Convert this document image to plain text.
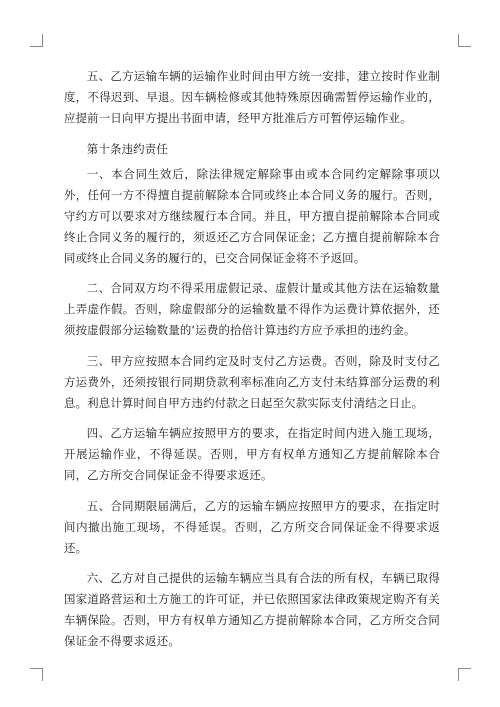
五、乙方运输车辆的运输作业时间由甲方统一安排，建立按时作业制度，不得迟到、早退。因车辆检修或其他特殊原因确需暂停运输作业的，应提前一日向甲方提出书面申请，经甲方批准后方可暂停运输作业。

第十条违约责任

一、本合同生效后，除法律规定解除事由或本合同约定解除事项以外，任何一方不得擅自提前解除本合同或终止本合同义务的履行。否则，守约方可以要求对方继续履行本合同。并且，甲方擅自提前解除本合同或终止合同义务的履行的，须返还乙方合同保证金；乙方擅自提前解除本合同或终止合同义务的履行的，已交合同保证金将不予返回。

二、合同双方均不得采用虚假记录、虚假计量或其他方法在运输数量上弄虚作假。否则，除虚假部分的运输数量不得作为运费计算依据外，还须按虚假部分运输数量的‘运费的拾倍计算违约方应予承担的违约金。

三、甲方应按照本合同约定及时支付乙方运费。否则，除及时支付乙方运费外，还须按银行同期贷款利率标准向乙方支付未结算部分运费的利息。利息计算时间自甲方违约付款之日起至欠款实际支付清结之日止。

四、乙方运输车辆应按照甲方的要求，在指定时间内进入施工现场，开展运输作业，不得延误。否则，甲方有权单方通知乙方提前解除本合同，乙方所交合同保证金不得要求返还。

五、合同期限届满后，乙方的运输车辆应按照甲方的要求，在指定时间内撤出施工现场，不得延误。否则，乙方所交合同保证金不得要求返还。

六、乙方对自己提供的运输车辆应当具有合法的所有权，车辆已取得国家道路营运和土方施工的许可证，并已依照国家法律政策规定购齐有关车辆保险。否则，甲方有权单方通知乙方提前解除本合同，乙方所交合同保证金不得要求返还。
